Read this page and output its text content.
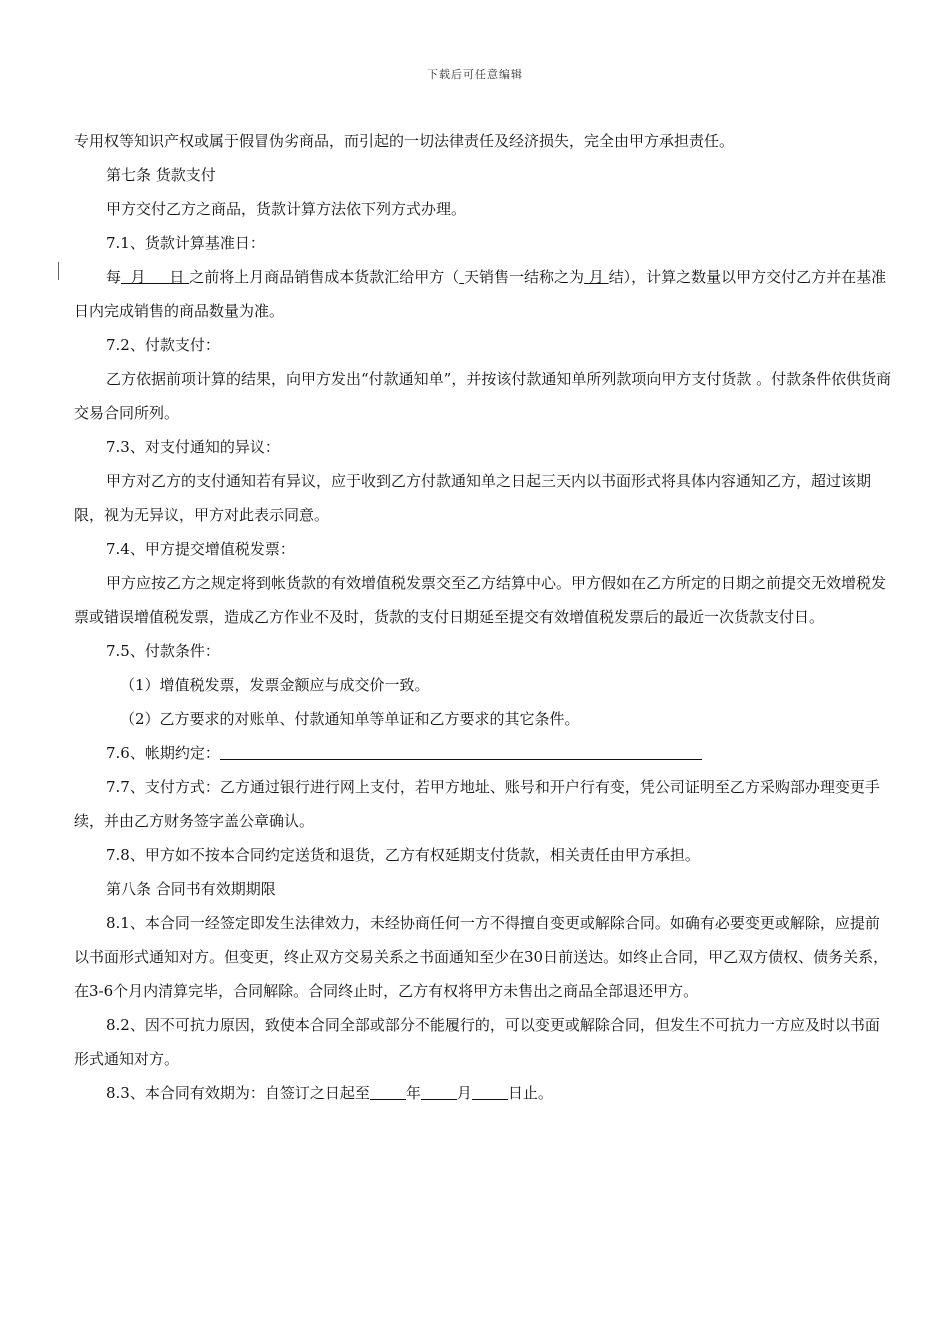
下载后可任意编辑

专用权等知识产权或属于假冒伪劣商品，而引起的一切法律责任及经济损失，完全由甲方承担责任。

第七条 货款支付

甲方交付乙方之商品，货款计算方法依下列方式办理。

7.1、货款计算基准日：

每 月 日 之前将上月商品销售成本货款汇给甲方（ 天销售一结称之为 月 结），计算之数量以甲方交付乙方并在基准日内完成销售的商品数量为准。

7.2、付款支付：

乙方依据前项计算的结果，向甲方发出“付款通知单”，并按该付款通知单所列款项向甲方支付货款 。付款条件依供货商交易合同所列。

7.3、对支付通知的异议：

甲方对乙方的支付通知若有异议，应于收到乙方付款通知单之日起三天内以书面形式将具体内容通知乙方，超过该期限，视为无异议，甲方对此表示同意。

7.4、甲方提交增值税发票：

甲方应按乙方之规定将到帐货款的有效增值税发票交至乙方结算中心。甲方假如在乙方所定的日期之前提交无效增税发票或错误增值税发票，造成乙方作业不及时，货款的支付日期延至提交有效增值税发票后的最近一次货款支付日。

7.5、付款条件：

（1）增值税发票，发票金额应与成交价一致。

（2）乙方要求的对账单、付款通知单等单证和乙方要求的其它条件。

7.6、帐期约定：

7.7、支付方式：乙方通过银行进行网上支付，若甲方地址、账号和开户行有变，凭公司证明至乙方采购部办理变更手续，并由乙方财务签字盖公章确认。

7.8、甲方如不按本合同约定送货和退货，乙方有权延期支付货款，相关责任由甲方承担。

第八条 合同书有效期期限

8.1、本合同一经签定即发生法律效力，未经协商任何一方不得擅自变更或解除合同。如确有必要变更或解除，应提前以书面形式通知对方。但变更，终止双方交易关系之书面通知至少在30日前送达。如终止合同，甲乙双方债权、债务关系，在3-6个月内清算完毕，合同解除。合同终止时，乙方有权将甲方未售出之商品全部退还甲方。

8.2、因不可抗力原因，致使本合同全部或部分不能履行的，可以变更或解除合同，但发生不可抗力一方应及时以书面形式通知对方。

8.3、本合同有效期为：自签订之日起至 年 月 日止。
